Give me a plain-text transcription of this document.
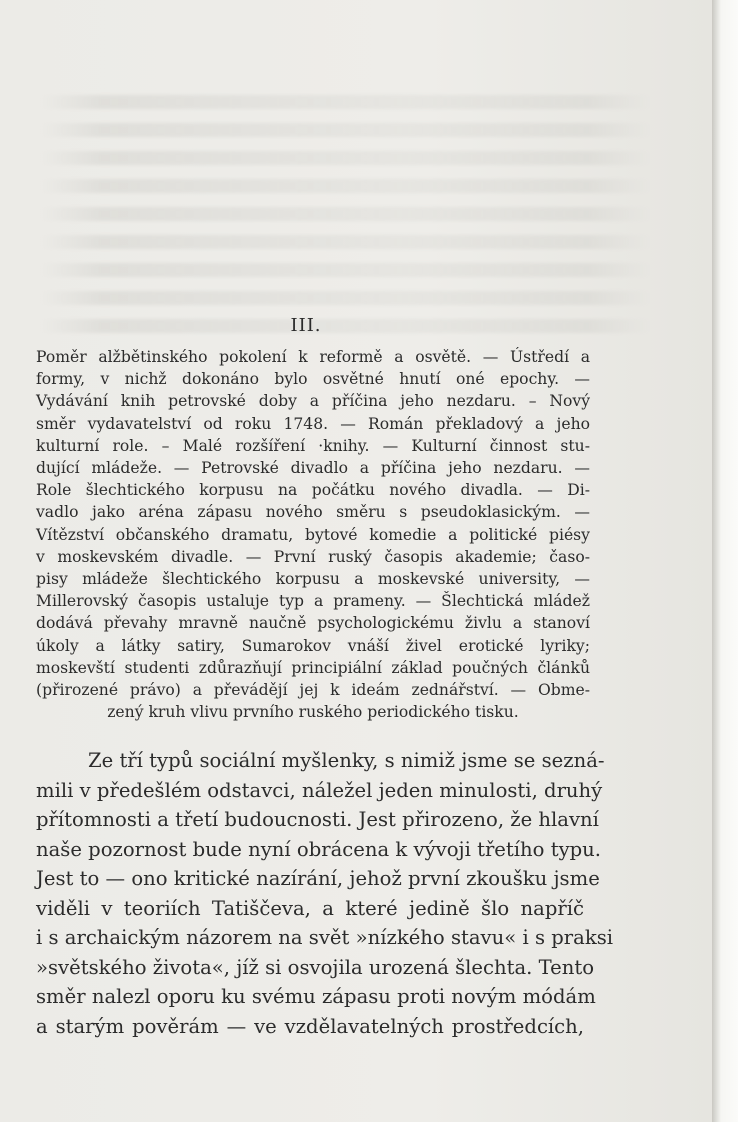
III.
Poměr alžbětinského pokolení k reformě a osvětě. — Ústředí a
formy, v nichž dokonáno bylo osvětné hnutí oné epochy. —
Vydávání knih petrovské doby a příčina jeho nezdaru. – Nový
směr vydavatelství od roku 1748. — Román překladový a jeho
kulturní role. – Malé rozšíření ·knihy. — Kulturní činnost stu-
dující mládeže. — Petrovské divadlo a příčina jeho nezdaru. —
Role šlechtického korpusu na počátku nového divadla. — Di-
vadlo jako aréna zápasu nového směru s pseudoklasickým. —
Vítězství občanského dramatu, bytové komedie a politické piésy
v moskevském divadle. — První ruský časopis akademie; časo-
pisy mládeže šlechtického korpusu a moskevské university, —
Millerovský časopis ustaluje typ a prameny. — Šlechtická mládež
dodává převahy mravně naučně psychologickému živlu a stanoví
úkoly a látky satiry, Sumarokov vnáší živel erotické lyriky;
moskevští studenti zdůrazňují principiální základ poučných článků
(přirozené právo) a převádějí jej k ideám zednářství. — Obme-
zený kruh vlivu prvního ruského periodického tisku.
Ze tří typů sociální myšlenky, s nimiž jsme se sezná-
mili v předešlém odstavci, náležel jeden minulosti, druhý
přítomnosti a třetí budoucnosti. Jest přirozeno, že hlavní
naše pozornost bude nyní obrácena k vývoji třetího typu.
Jest to — ono kritické nazírání, jehož první zkoušku jsme
viděli v teoriích Tatiščeva, a které jedině šlo napříč
i s archaickým názorem na svět »nízkého stavu« i s praksi
»světského života«, jíž si osvojila urozená šlechta. Tento
směr nalezl oporu ku svému zápasu proti novým módám
a starým pověrám — ve vzdělavatelných prostředcích,
